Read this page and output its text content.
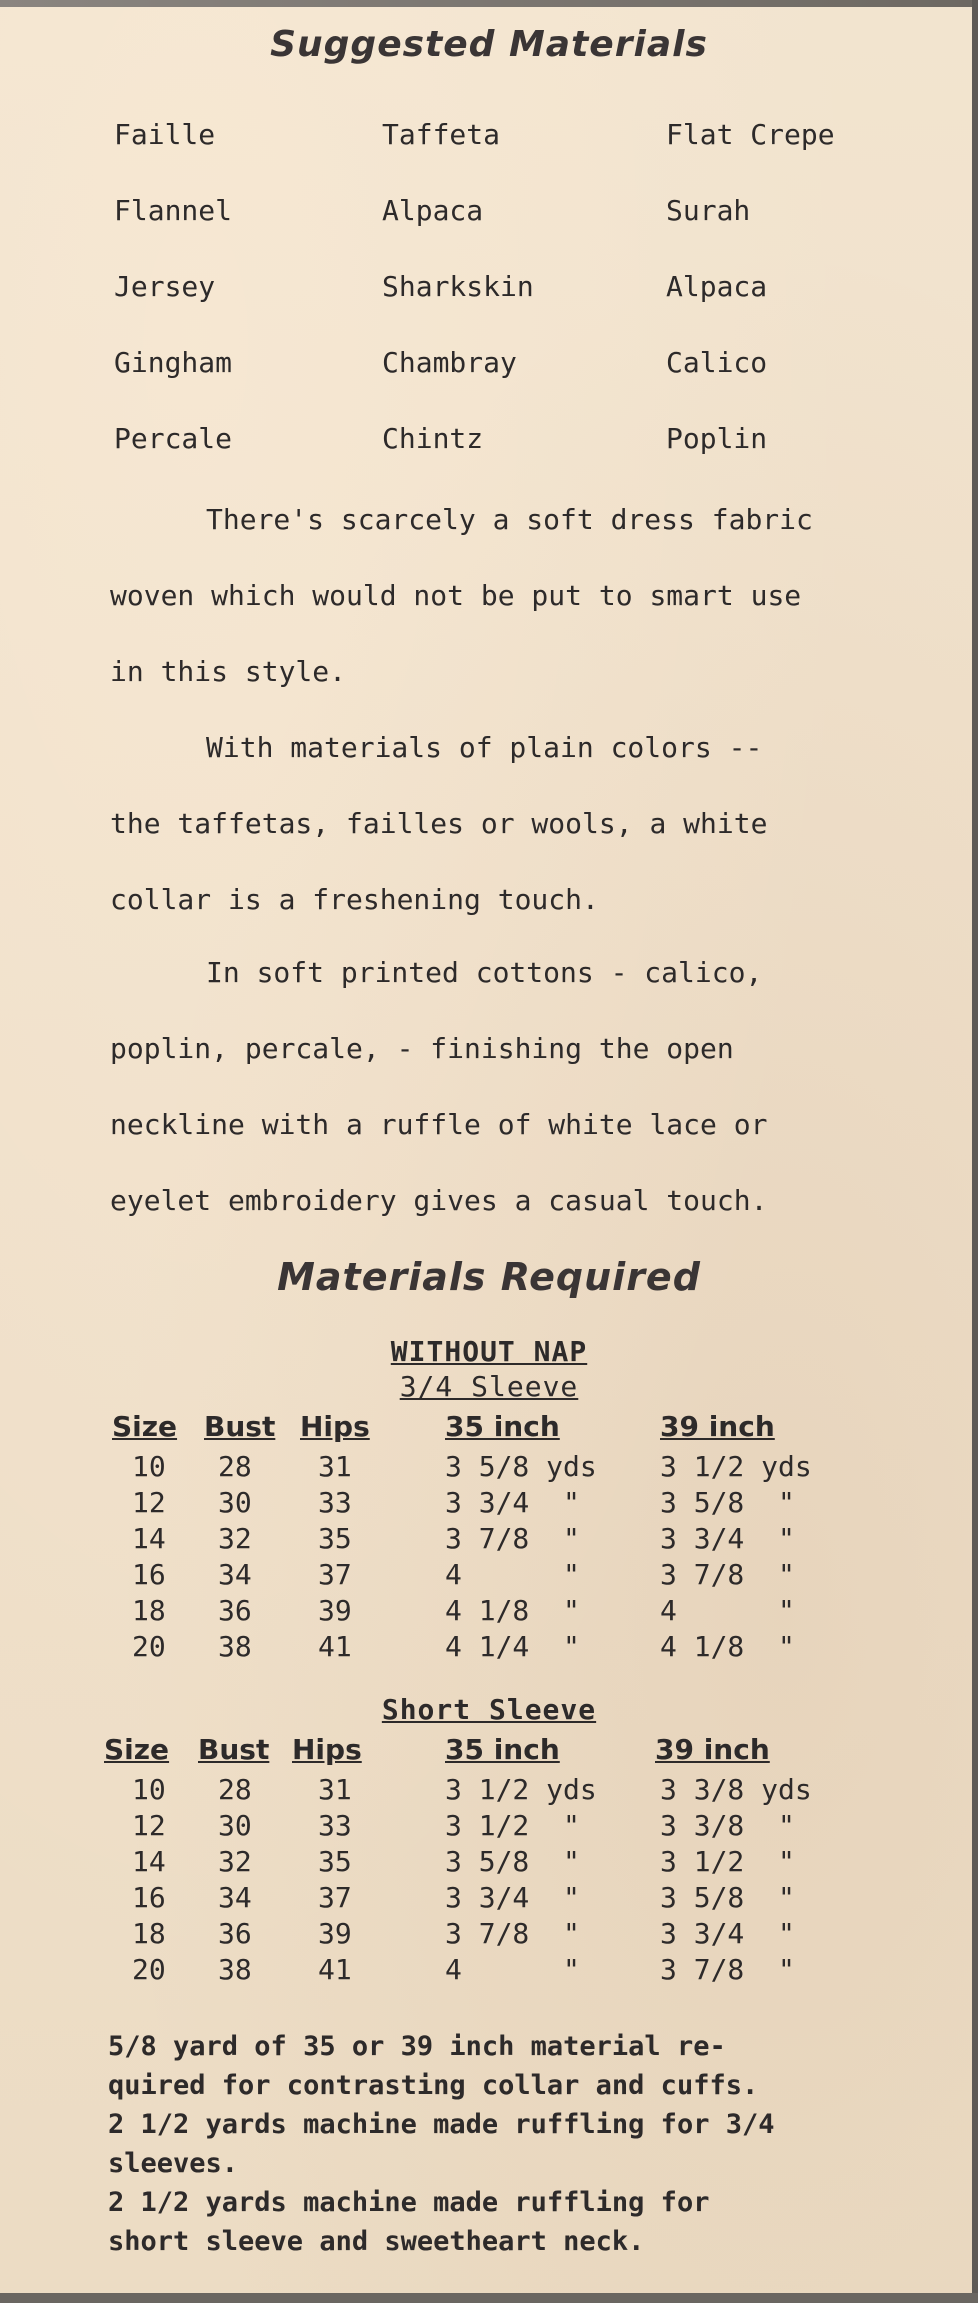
Suggested Materials
Faille	Taffeta	Flat Crepe
Flannel	Alpaca	Surah
Jersey	Sharkskin	Alpaca
Gingham	Chambray	Calico
Percale	Chintz	Poplin
There's scarcely a soft dress fabric
woven which would not be put to smart use
in this style.
With materials of plain colors --
the taffetas, failles or wools, a white
collar is a freshening touch.
In soft printed cottons - calico,
poplin, percale, - finishing the open
neckline with a ruffle of white lace or
eyelet embroidery gives a casual touch.
Materials Required
WITHOUT NAP
3/4 Sleeve
Size Bust Hips	35 inch	39 inch
10 28 31	3 5/8 yds 3 1/2 yds
12 30 33	3 3/4  "	3 5/8  "
14 32 35	3 7/8  "	3 3/4  "
16 34 37	4      "	3 7/8  "
18 36 39	4 1/8  "	4      "
20 38 41	4 1/4  "	4 1/8  "
Short Sleeve
Size Bust Hips	35 inch	39 inch
10 28 31	3 1/2 yds 3 3/8 yds
12 30 33	3 1/2  "	3 3/8  "
14 32 35	3 5/8  "	3 1/2  "
16 34 37	3 3/4  "	3 5/8  "
18 36 39	3 7/8  "	3 3/4  "
20 38 41	4      "	3 7/8  "
5/8 yard of 35 or 39 inch material re-
quired for contrasting collar and cuffs.
2 1/2 yards machine made ruffling for 3/4
sleeves.
2 1/2 yards machine made ruffling for
short sleeve and sweetheart neck.
